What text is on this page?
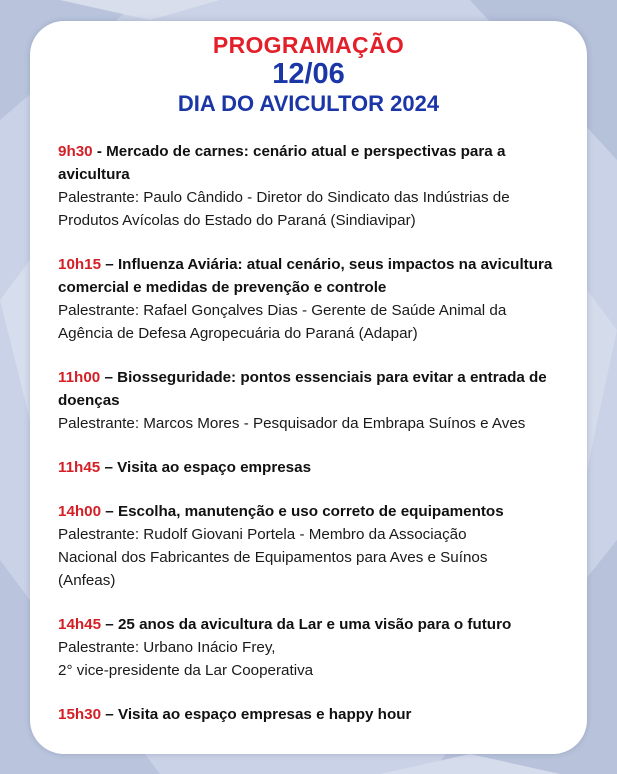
PROGRAMAÇÃO
12/06
DIA DO AVICULTOR 2024
9h30 - Mercado de carnes: cenário atual e perspectivas para a avicultura
Palestrante: Paulo Cândido - Diretor do Sindicato das Indústrias de
Produtos Avícolas do Estado do Paraná (Sindiavipar)
10h15 – Influenza Aviária: atual cenário, seus impactos na avicultura comercial e medidas de prevenção e controle
Palestrante: Rafael Gonçalves Dias - Gerente de Saúde Animal da
Agência de Defesa Agropecuária do Paraná (Adapar)
11h00 – Biosseguridade: pontos essenciais para evitar a entrada de doenças
Palestrante: Marcos Mores - Pesquisador da Embrapa Suínos e Aves
11h45 – Visita ao espaço empresas
14h00 – Escolha, manutenção e uso correto de equipamentos
Palestrante: Rudolf Giovani Portela - Membro da Associação
Nacional dos Fabricantes de Equipamentos para Aves e Suínos
(Anfeas)
14h45 – 25 anos da avicultura da Lar e uma visão para o futuro
Palestrante: Urbano Inácio Frey,
2° vice-presidente da Lar Cooperativa
15h30 – Visita ao espaço empresas e happy hour
